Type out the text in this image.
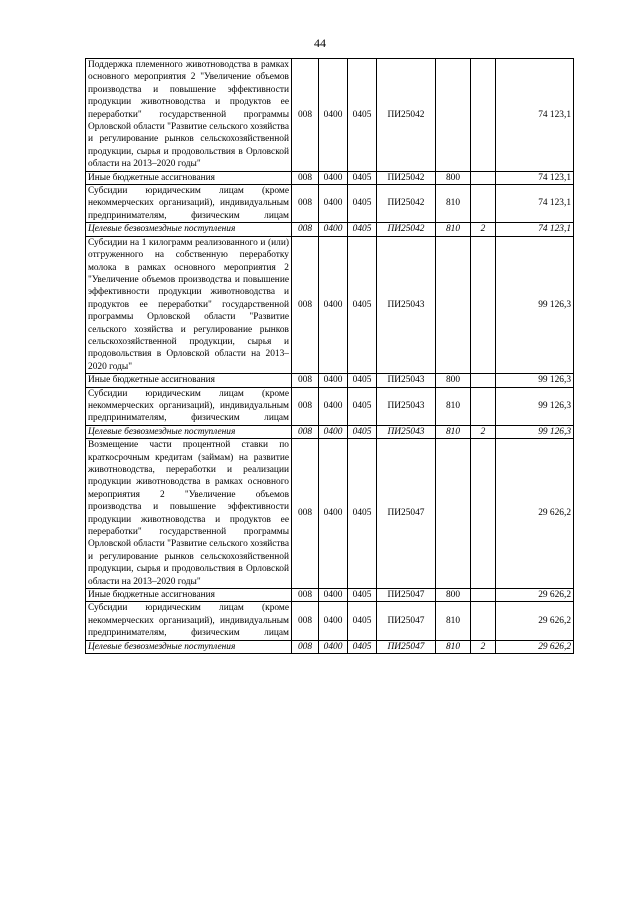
44
Поддержка племенного животноводства в рамках основного мероприятия 2 "Увеличение объемов производства и повышение эффективности продукции животноводства и продуктов ее переработки" государственной программы Орловской области "Развитие сельского хозяйства и регулирование рынков сельскохозяйственной продукции, сырья и продовольствия в Орловской области на 2013–2020 годы"	008	0400	0405	ПИ25042			74 123,1
Иные бюджетные ассигнования	008	0400	0405	ПИ25042	800		74 123,1
Субсидии юридическим лицам (кроме некоммерческих организаций), индивидуальным предпринимателям, физическим лицам	008	0400	0405	ПИ25042	810		74 123,1
Целевые безвозмездные поступления	008	0400	0405	ПИ25042	810	2	74 123,1
Субсидии на 1 килограмм реализованного и (или) отгруженного на собственную переработку молока в рамках основного мероприятия 2 "Увеличение объемов производства и повышение эффективности продукции животноводства и продуктов ее переработки" государственной программы Орловской области "Развитие сельского хозяйства и регулирование рынков сельскохозяйственной продукции, сырья и продовольствия в Орловской области на 2013–2020 годы"	008	0400	0405	ПИ25043			99 126,3
Иные бюджетные ассигнования	008	0400	0405	ПИ25043	800		99 126,3
Субсидии юридическим лицам (кроме некоммерческих организаций), индивидуальным предпринимателям, физическим лицам	008	0400	0405	ПИ25043	810		99 126,3
Целевые безвозмездные поступления	008	0400	0405	ПИ25043	810	2	99 126,3
Возмещение части процентной ставки по краткосрочным кредитам (займам) на развитие животноводства, переработки и реализации продукции животноводства в рамках основного мероприятия 2 "Увеличение объемов производства и повышение эффективности продукции животноводства и продуктов ее переработки" государственной программы Орловской области "Развитие сельского хозяйства и регулирование рынков сельскохозяйственной продукции, сырья и продовольствия в Орловской области на 2013–2020 годы"	008	0400	0405	ПИ25047			29 626,2
Иные бюджетные ассигнования	008	0400	0405	ПИ25047	800		29 626,2
Субсидии юридическим лицам (кроме некоммерческих организаций), индивидуальным предпринимателям, физическим лицам	008	0400	0405	ПИ25047	810		29 626,2
Целевые безвозмездные поступления	008	0400	0405	ПИ25047	810	2	29 626,2
